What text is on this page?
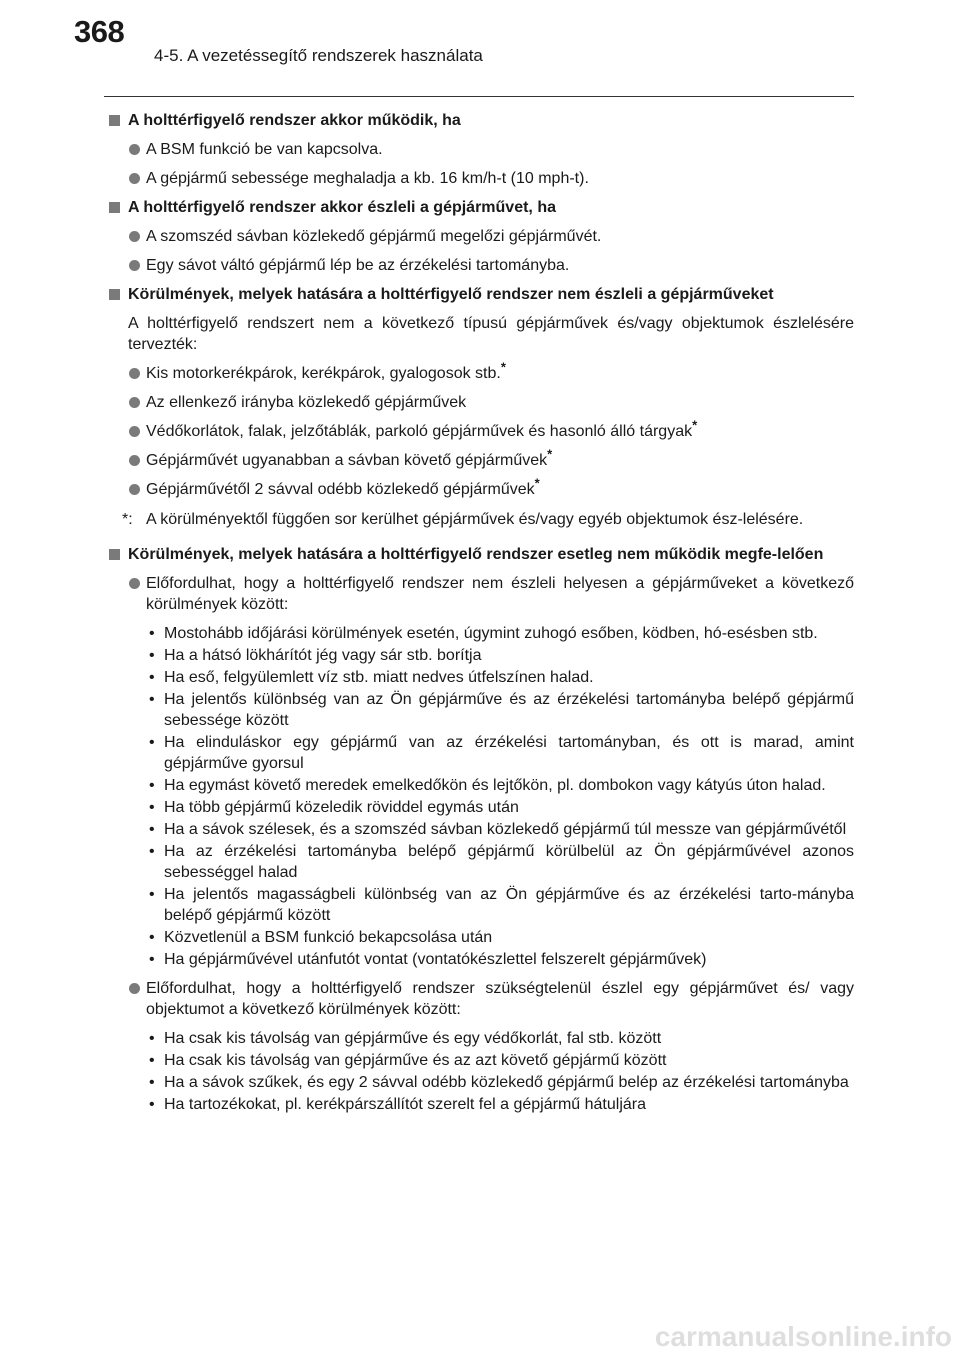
368
4-5. A vezetéssegítő rendszerek használata
A holttérfigyelő rendszer akkor működik, ha
A BSM funkció be van kapcsolva.
A gépjármű sebessége meghaladja a kb. 16 km/h-t (10 mph-t).
A holttérfigyelő rendszer akkor észleli a gépjárművet, ha
A szomszéd sávban közlekedő gépjármű megelőzi gépjárművét.
Egy sávot váltó gépjármű lép be az érzékelési tartományba.
Körülmények, melyek hatására a holttérfigyelő rendszer nem észleli a gépjárműveket
A holttérfigyelő rendszert nem a következő típusú gépjárművek és/vagy objektumok észlelésére tervezték:
Kis motorkerékpárok, kerékpárok, gyalogosok stb.*
Az ellenkező irányba közlekedő gépjárművek
Védőkorlátok, falak, jelzőtáblák, parkoló gépjárművek és hasonló álló tárgyak*
Gépjárművét ugyanabban a sávban követő gépjárművek*
Gépjárművétől 2 sávval odébb közlekedő gépjárművek*
*: A körülményektől függően sor kerülhet gépjárművek és/vagy egyéb objektumok ész-lelésére.
Körülmények, melyek hatására a holttérfigyelő rendszer esetleg nem működik megfe-lelően
Előfordulhat, hogy a holttérfigyelő rendszer nem észleli helyesen a gépjárműveket a következő körülmények között:
• Mostohább időjárási körülmények esetén, úgymint zuhogó esőben, ködben, hó-esésben stb.
• Ha a hátsó lökhárítót jég vagy sár stb. borítja
• Ha eső, felgyülemlett víz stb. miatt nedves útfelszínen halad.
• Ha jelentős különbség van az Ön gépjárműve és az érzékelési tartományba belépő gépjármű sebessége között
• Ha elinduláskor egy gépjármű van az érzékelési tartományban, és ott is marad, amint gépjárműve gyorsul
• Ha egymást követő meredek emelkedőkön és lejtőkön, pl. dombokon vagy kátyús úton halad.
• Ha több gépjármű közeledik röviddel egymás után
• Ha a sávok szélesek, és a szomszéd sávban közlekedő gépjármű túl messze van gépjárművétől
• Ha az érzékelési tartományba belépő gépjármű körülbelül az Ön gépjárművével azonos sebességgel halad
• Ha jelentős magasságbeli különbség van az Ön gépjárműve és az érzékelési tarto-mányba belépő gépjármű között
• Közvetlenül a BSM funkció bekapcsolása után
• Ha gépjárművével utánfutót vontat (vontatókészlettel felszerelt gépjárművek)
Előfordulhat, hogy a holttérfigyelő rendszer szükségtelenül észlel egy gépjárművet és/ vagy objektumot a következő körülmények között:
• Ha csak kis távolság van gépjárműve és egy védőkorlát, fal stb. között
• Ha csak kis távolság van gépjárműve és az azt követő gépjármű között
• Ha a sávok szűkek, és egy 2 sávval odébb közlekedő gépjármű belép az érzékelési tartományba
• Ha tartozékokat, pl. kerékpárszállítót szerelt fel a gépjármű hátuljára
carmanualsonline.info
